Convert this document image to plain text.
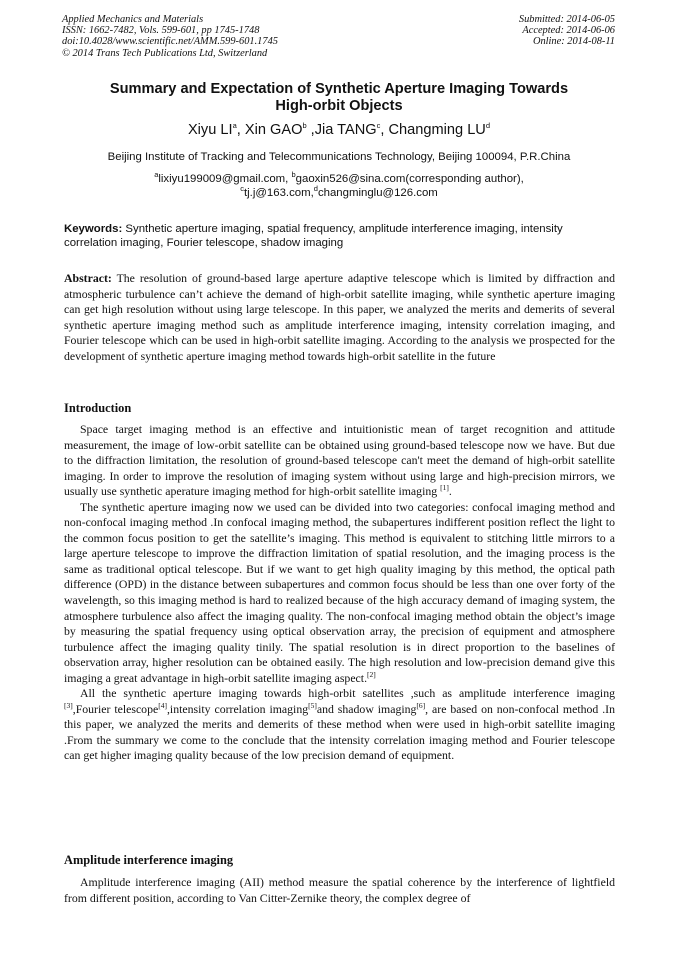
Applied Mechanics and Materials
ISSN: 1662-7482, Vols. 599-601, pp 1745-1748
doi:10.4028/www.scientific.net/AMM.599-601.1745
© 2014 Trans Tech Publications Ltd, Switzerland
Submitted: 2014-06-05
Accepted: 2014-06-06
Online: 2014-08-11
Summary and Expectation of Synthetic Aperture Imaging Towards
High-orbit Objects
Xiyu $LI^a$, Xin GAO$^b$ ,Jia TANG$^c$, Changming $LU^d$
Beijing Institute of Tracking and Telecommunications Technology, Beijing 100094, P.R.China
$^a$lixiyu199009@gmail.com, $^b$gaoxin526@sina.com(corresponding author),
$^c$tj.j@163.com,$^d$changminglu@126.com
Keywords: Synthetic aperture imaging, spatial frequency, amplitude interference imaging, intensity correlation imaging, Fourier telescope, shadow imaging
Abstract: The resolution of ground-based large aperture adaptive telescope which is limited by diffraction and atmospheric turbulence can’t achieve the demand of high-orbit satellite imaging, while synthetic aperture imaging can get high resolution without using large telescope. In this paper, we analyzed the merits and demerits of several synthetic aperture imaging method such as amplitude interference imaging, intensity correlation imaging, and Fourier telescope which can be used in high-orbit satellite imaging. According to the analysis we prospected for the development of synthetic aperture imaging method towards high-orbit satellite in the future
Introduction

Space target imaging method is an effective and intuitionistic mean of target recognition and attitude measurement, the image of low-orbit satellite can be obtained using ground-based telescope now we have. But due to the diffraction limitation, the resolution of ground-based telescope can't meet the demand of high-orbit satellite imaging. In order to improve the resolution of imaging system without using large and high-precision mirrors, we usually use synthetic aperature imaging method for high-orbit satellite imaging [1].

The synthetic aperture imaging now we used can be divided into two categories: confocal imaging method and non-confocal imaging method .In confocal imaging method, the subapertures indifferent position reflect the light to the common focus position to get the satellite’s imaging. This method is equivalent to stitching little mirrors to a large aperture telescope to improve the diffraction limitation of spatial resolution, and the imaging process is the same as traditional optical telescope. But if we want to get high quality imaging by this method, the optical path difference (OPD) in the distance between subapertures and common focus should be less than one over forty of the wavelength, so this imaging method is hard to realized because of the high accuracy demand of imaging system, the atmosphere turbulence also affect the imaging quality. The non-confocal imaging method obtain the object’s image by measuring the spatial frequency using optical observation array, the precision of equipment and atmosphere turbulence affect the imaging quality tinily. The spatial resolution is in direct proportion to the baselines of observation array, higher resolution can be obtained easily. The high resolution and low-precision demand give this imaging a great advantage in high-orbit satellite imaging aspect.[2]

All the synthetic aperture imaging towards high-orbit satellites ,such as amplitude interference imaging [3],Fourier telescope[4],intensity correlation imaging[5]and shadow imaging[6], are based on non-confocal method .In this paper, we analyzed the merits and demerits of these method when were used in high-orbit satellite imaging .From the summary we come to the conclude that the intensity correlation imaging method and Fourier telescope can get higher imaging quality because of the low precision demand of equipment.

Amplitude interference imaging

Amplitude interference imaging (AII) method measure the spatial coherence by the interference of lightfield from different position, according to Van Citter-Zernike theory, the complex degree of
